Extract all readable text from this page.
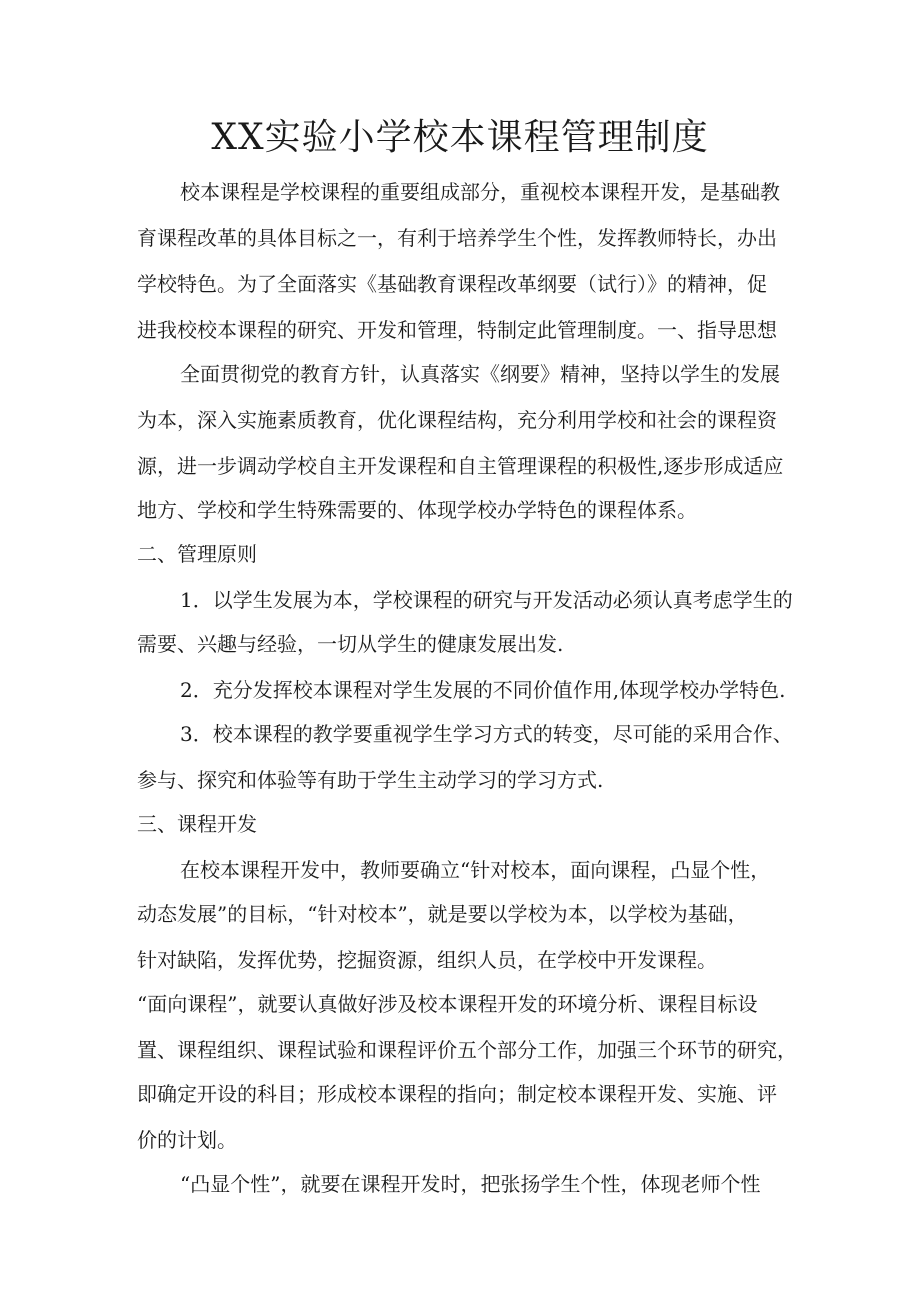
XX实验小学校本课程管理制度
校本课程是学校课程的重要组成部分，重视校本课程开发，是基础教
育课程改革的具体目标之一，有利于培养学生个性，发挥教师特长，办出
学校特色。为了全面落实《基础教育课程改革纲要（试行）》的精神，促
进我校校本课程的研究、开发和管理，特制定此管理制度。一、指导思想
全面贯彻党的教育方针，认真落实《纲要》精神，坚持以学生的发展
为本，深入实施素质教育，优化课程结构，充分利用学校和社会的课程资
源，进一步调动学校自主开发课程和自主管理课程的积极性,逐步形成适应
地方、学校和学生特殊需要的、体现学校办学特色的课程体系。
二、管理原则
1．以学生发展为本，学校课程的研究与开发活动必须认真考虑学生的
需要、兴趣与经验，一切从学生的健康发展出发.
2．充分发挥校本课程对学生发展的不同价值作用,体现学校办学特色.
3．校本课程的教学要重视学生学习方式的转变，尽可能的采用合作、
参与、探究和体验等有助于学生主动学习的学习方式.
三、课程开发
在校本课程开发中，教师要确立“针对校本，面向课程，凸显个性，
动态发展”的目标，“针对校本”，就是要以学校为本，以学校为基础，
针对缺陷，发挥优势，挖掘资源，组织人员，在学校中开发课程。
“面向课程”，就要认真做好涉及校本课程开发的环境分析、课程目标设
置、课程组织、课程试验和课程评价五个部分工作，加强三个环节的研究，
即确定开设的科目；形成校本课程的指向；制定校本课程开发、实施、评
价的计划。
“凸显个性”，就要在课程开发时，把张扬学生个性，体现老师个性
